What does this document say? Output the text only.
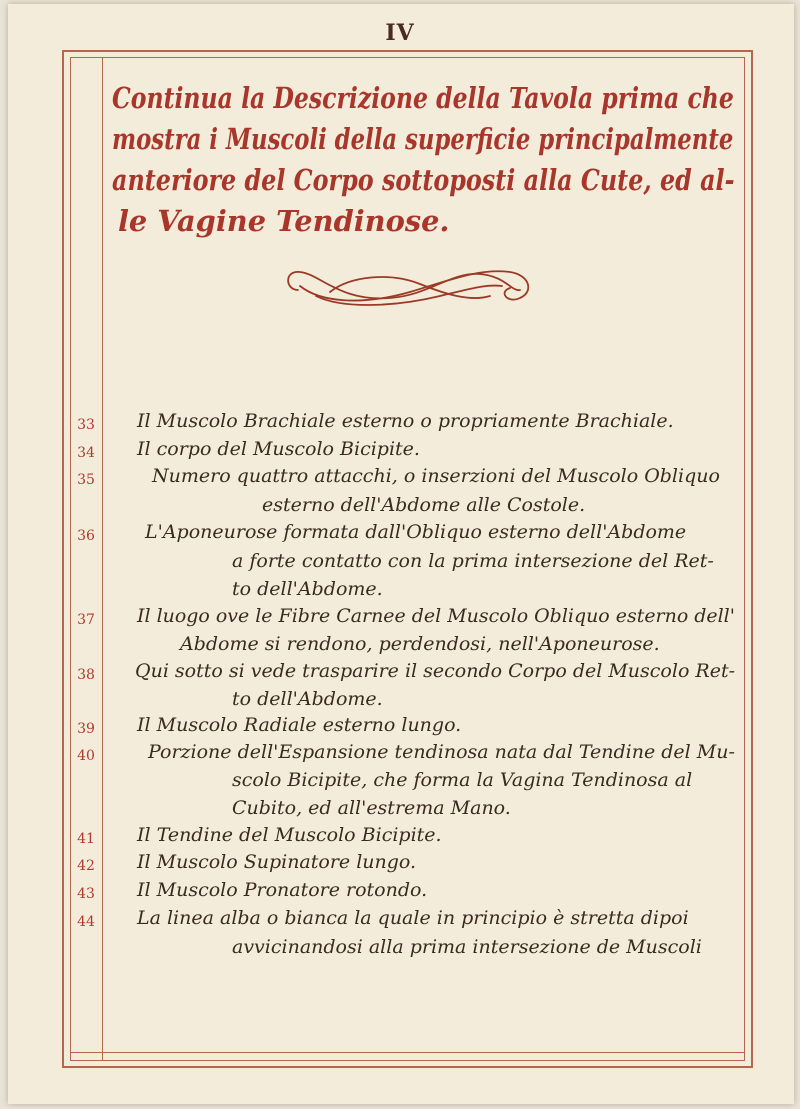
IV
Continua la Descrizione della Tavola prima che
mostra i Muscoli della superficie principalmente
anteriore del Corpo sottoposti alla Cute, ed al-
le Vagine Tendinose.
33	Il Muscolo Brachiale esterno o propriamente Brachiale.
34	Il corpo del Muscolo Bicipite.
35	Numero quattro attacchi, o inserzioni del Muscolo Obliquo
esterno dell'Abdome alle Costole.
36	L'Aponeurose formata dall'Obliquo esterno dell'Abdome
a forte contatto con la prima intersezione del Ret-
to dell'Abdome.
37	Il luogo ove le Fibre Carnee del Muscolo Obliquo esterno dell'
Abdome si rendono, perdendosi, nell'Aponeurose.
38	Qui sotto si vede trasparire il secondo Corpo del Muscolo Ret-
to dell'Abdome.
39	Il Muscolo Radiale esterno lungo.
40	Porzione dell'Espansione tendinosa nata dal Tendine del Mu-
scolo Bicipite, che forma la Vagina Tendinosa al
Cubito, ed all'estrema Mano.
41	Il Tendine del Muscolo Bicipite.
42	Il Muscolo Supinatore lungo.
43	Il Muscolo Pronatore rotondo.
44	La linea alba o bianca la quale in principio è stretta dipoi
avvicinandosi alla prima intersezione de Muscoli
